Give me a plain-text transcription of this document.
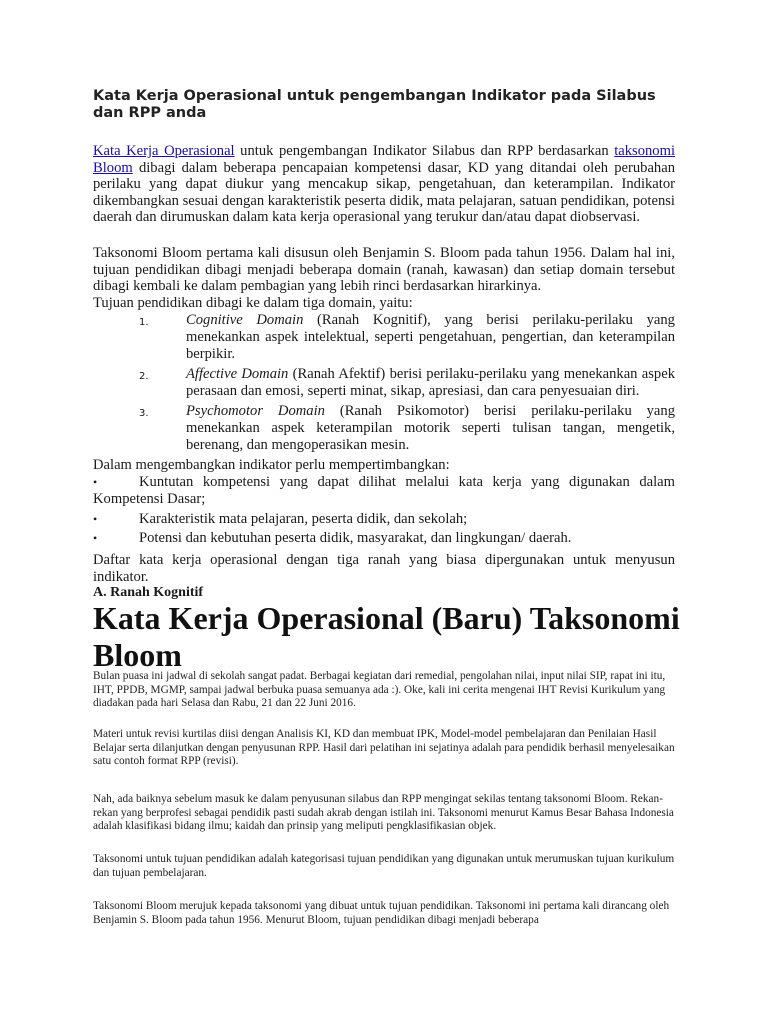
Kata Kerja Operasional untuk pengembangan Indikator pada Silabus dan RPP anda

Kata Kerja Operasional untuk pengembangan Indikator Silabus dan RPP berdasarkan taksonomi Bloom dibagi dalam beberapa pencapaian kompetensi dasar, KD yang ditandai oleh perubahan perilaku yang dapat diukur yang mencakup sikap, pengetahuan, dan keterampilan. Indikator dikembangkan sesuai dengan karakteristik peserta didik, mata pelajaran, satuan pendidikan, potensi daerah dan dirumuskan dalam kata kerja operasional yang terukur dan/atau dapat diobservasi.

Taksonomi Bloom pertama kali disusun oleh Benjamin S. Bloom pada tahun 1956. Dalam hal ini, tujuan pendidikan dibagi menjadi beberapa domain (ranah, kawasan) dan setiap domain tersebut dibagi kembali ke dalam pembagian yang lebih rinci berdasarkan hirarkinya.

Tujuan pendidikan dibagi ke dalam tiga domain, yaitu:

1.	Cognitive Domain (Ranah Kognitif), yang berisi perilaku-perilaku yang menekankan aspek intelektual, seperti pengetahuan, pengertian, dan keterampilan berpikir.
2.	Affective Domain (Ranah Afektif) berisi perilaku-perilaku yang menekankan aspek perasaan dan emosi, seperti minat, sikap, apresiasi, dan cara penyesuaian diri.
3.	Psychomotor Domain (Ranah Psikomotor) berisi perilaku-perilaku yang menekankan aspek keterampilan motorik seperti tulisan tangan, mengetik, berenang, dan mengoperasikan mesin.

Dalam mengembangkan indikator perlu mempertimbangkan:

•	Kuntutan kompetensi yang dapat dilihat melalui kata kerja yang digunakan dalam Kompetensi Dasar;
•	Karakteristik mata pelajaran, peserta didik, dan sekolah;
•	Potensi dan kebutuhan peserta didik, masyarakat, dan lingkungan/ daerah.

Daftar kata kerja operasional dengan tiga ranah yang biasa dipergunakan untuk menyusun indikator.

A. Ranah Kognitif
Kata Kerja Operasional (Baru) Taksonomi Bloom
Bulan puasa ini jadwal di sekolah sangat padat. Berbagai kegiatan dari remedial, pengolahan nilai, input nilai SIP, rapat ini itu, IHT, PPDB, MGMP, sampai jadwal berbuka puasa semuanya ada :). Oke, kali ini cerita mengenai IHT Revisi Kurikulum yang diadakan pada hari Selasa dan Rabu, 21 dan 22 Juni 2016.
Materi untuk revisi kurtilas diisi dengan Analisis KI, KD dan membuat IPK, Model-model pembelajaran dan Penilaian Hasil Belajar serta dilanjutkan dengan penyusunan RPP. Hasil dari pelatihan ini sejatinya adalah para pendidik berhasil menyelesaikan satu contoh format RPP (revisi).
Nah, ada baiknya sebelum masuk ke dalam penyusunan silabus dan RPP mengingat sekilas tentang taksonomi Bloom. Rekan-rekan yang berprofesi sebagai pendidik pasti sudah akrab dengan istilah ini. Taksonomi menurut Kamus Besar Bahasa Indonesia adalah klasifikasi bidang ilmu; kaidah dan prinsip yang meliputi pengklasifikasian objek.
Taksonomi untuk tujuan pendidikan adalah kategorisasi tujuan pendidikan yang digunakan untuk merumuskan tujuan kurikulum dan tujuan pembelajaran.
Taksonomi Bloom merujuk kepada taksonomi yang dibuat untuk tujuan pendidikan. Taksonomi ini pertama kali dirancang oleh Benjamin S. Bloom pada tahun 1956. Menurut Bloom, tujuan pendidikan dibagi menjadi beberapa
